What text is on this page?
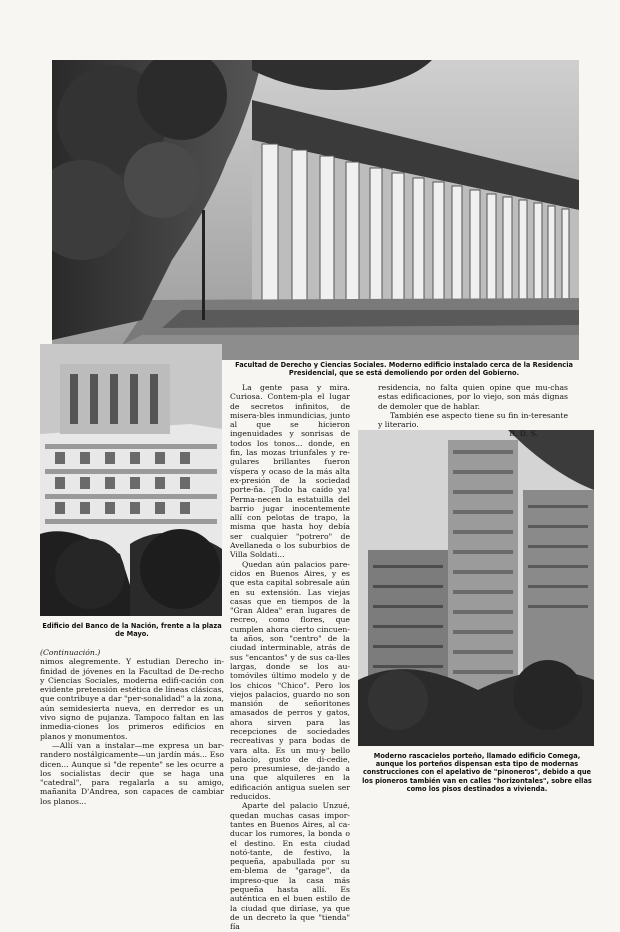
Facultad de Derecho y Ciencias Sociales. Moderno edificio instalado cerca de la Residencia Presidencial, que se está demoliendo por orden del Gobierno.
Edificio del Banco de la Nación, frente a la plaza de Mayo.
Moderno rascacielos porteño, llamado edificio Comega, aunque los porteños dispensan esta tipo de modernas construcciones con el apelativo de "pinoneros", debido a que los pioneros también van en calles "horizontales", sobre ellas como los pisos destinados a vivienda.

(Continuación.)

nimos alegremente. Y estudian Derecho in-finidad de jóvenes en la Facultad de De-recho y Ciencias Sociales, moderna edifi-cación con evidente pretensión estética de líneas clásicas, que contribuye a dar "per-sonalidad" a la zona, aún semidesierta nueva, en derredor es un vivo signo de pujanza. Tampoco faltan en las inmedia-ciones los primeros edificios en planos y monumentos.

—Allí van a instalar—me expresa un bar-randero nostálgicamente—un jardín más... Eso dicen... Aunque si "de repente" se les ocurre a los socialistas decir que se haga una "catedral", para regalarla a su amigo, mañanita D'Andrea, son capaces de cambiar los planos...

La gente pasa y mira. Curiosa. Contem-pla el lugar de secretos infinitos, de misera-bles inmundicias, junto al que se hicieron ingenuidades y sonrisas de todos los tonos... donde, en fin, las mozas triunfales y re-gulares brillantes fueron víspera y ocaso de la más alta ex-presión de la sociedad porte-ña. ¡Todo ha caído ya! Perma-necen la estatuilla del barrio jugar inocentemente allí con pelotas de trapo, la misma que hasta hoy debía ser cualquier "potrero" de Avellaneda o los suburbios de Villa Soldati...

Quedan aún palacios pare-cidos en Buenos Aires, y es que esta capital sobresale aún en su extensión. Las viejas casas que en tiempos de la "Gran Aldea" eran lugares de recreo, como flores, que cumplen ahora cierto cincuen-ta años, son "centro" de la ciudad interminable, atrás de sus "encantos" y de sus ca-lles largas, donde se los au-tomóviles último modelo y de los chicos "Chico". Pero los viejos palacios, guardo no son mansión de señoritones amasados de perros y gatos, ahora sirven para las recepciones de sociedades recreativas y para bodas de vara alta. Es un mu-y bello palacio, gusto de di-cedie, pero presumiese, de-jando a una que alquileres en la edificación antigua suelen ser reducidos.

Aparte del palacio Unzué, quedan muchas casas impor-tantes en Buenos Aires, al ca-ducar los rumores, la bonda o el destino. En esta ciudad notó-tante, de festivo, la pequeña, apabullada por su em-blema de "garage", da impreso-que la casa más pequeña hasta allí. Es auténtica en el buen estilo de la ciudad que diríase, ya que de un decreto la que "tienda" fía

residencia, no falta quien opine que mu-chas estas edificaciones, por lo viejo, son más dignas de demoler que de hablar.

También ese aspecto tiene su fin in-teresante y literario.
B. D. S.
